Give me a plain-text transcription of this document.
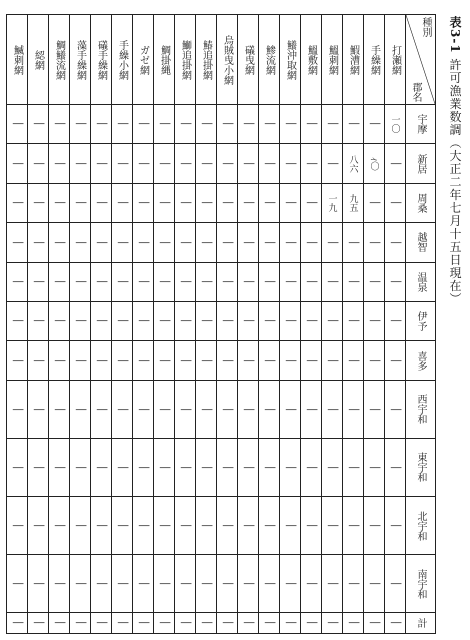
表3-1 許可漁業数調（大正二年七月十五日現在）
鰄刺網	綛網	鯛鱶流網	藻手繰網	礒手繰網	手繰小網	ガゼ網	鯛掛縄	鰤追掛網	鰆追掛網	烏賊曳小網	礒曳網	鯵流網	鱶沖取網	鰮敷網	鰮刺網	鰕漕網	手繰網	打瀬網	種別
郡名

│	│	│	│	│	│	│	│	│	│	│	│	│	│	│	│	│	│	一〇	宇摩

│	│	│	│	│	│	│	│	│	│	│	│	│	│	│	│	八六	ｨ〇	│	新居

│	│	│	│	│	│	│	│	│	│	│	│	│	│	│	一九	九五	│	│	周桑

│	│	│	│	│	│	│	│	│	│	│	│	│	│	│	│	│	│	│	越智

│	│	│	│	│	│	│	│	│	│	│	│	│	│	│	│	│	│	│	温泉

│	│	│	│	│	│	│	│	│	│	│	│	│	│	│	│	│	│	│	伊予

│	│	│	│	│	│	│	│	│	│	│	│	│	│	│	│	│	│	│	喜多

│	│	│	│	│	│	│	│	│	│	│	│	│	│	│	│	│	│	│	西宇和

│	│	│	│	│	│	│	│	│	│	│	│	│	│	│	│	│	│	│	東宇和

│	│	│	│	│	│	│	│	│	│	│	│	│	│	│	│	│	│	│	北宇和

│	│	│	│	│	│	│	│	│	│	│	│	│	│	│	│	│	│	│	南宇和

│	│	│	│	│	│	│	│	│	│	│	│	│	│	│	│	│	│	│	計
